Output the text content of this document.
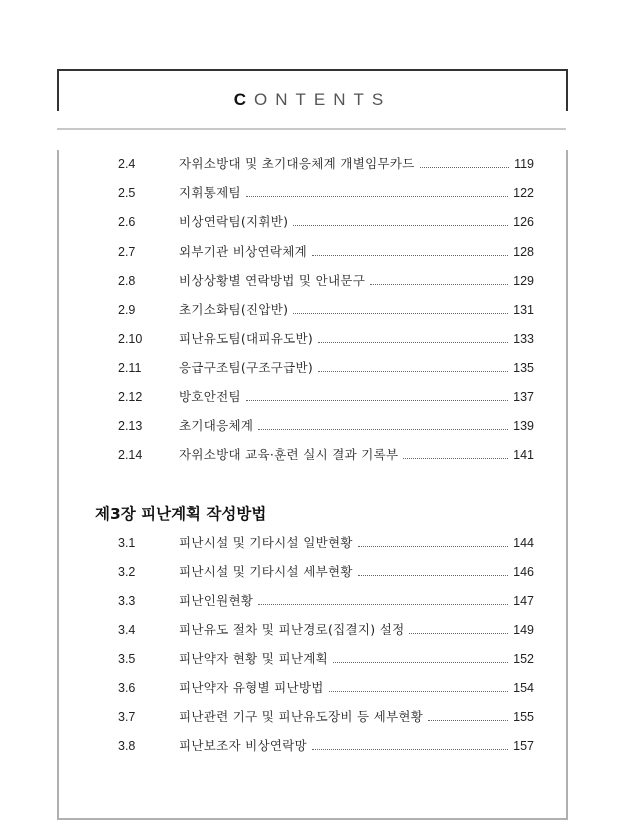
CONTENTS
2.4	자위소방대 및 초기대응체계 개별임무카드	119
2.5	지휘통제팀	122
2.6	비상연락팀(지휘반)	126
2.7	외부기관 비상연락체계	128
2.8	비상상황별 연락방법 및 안내문구	129
2.9	초기소화팀(진압반)	131
2.10	피난유도팀(대피유도반)	133
2.11	응급구조팀(구조구급반)	135
2.12	방호안전팀	137
2.13	초기대응체계	139
2.14	자위소방대 교육·훈련 실시 결과 기록부	141
제3장 피난계획 작성방법
3.1	피난시설 및 기타시설 일반현황	144
3.2	피난시설 및 기타시설 세부현황	146
3.3	피난인원현황	147
3.4	피난유도 절차 및 피난경로(집결지) 설정	149
3.5	피난약자 현황 및 피난계획	152
3.6	피난약자 유형별 피난방법	154
3.7	피난관련 기구 및 피난유도장비 등 세부현황	155
3.8	피난보조자 비상연락망	157
